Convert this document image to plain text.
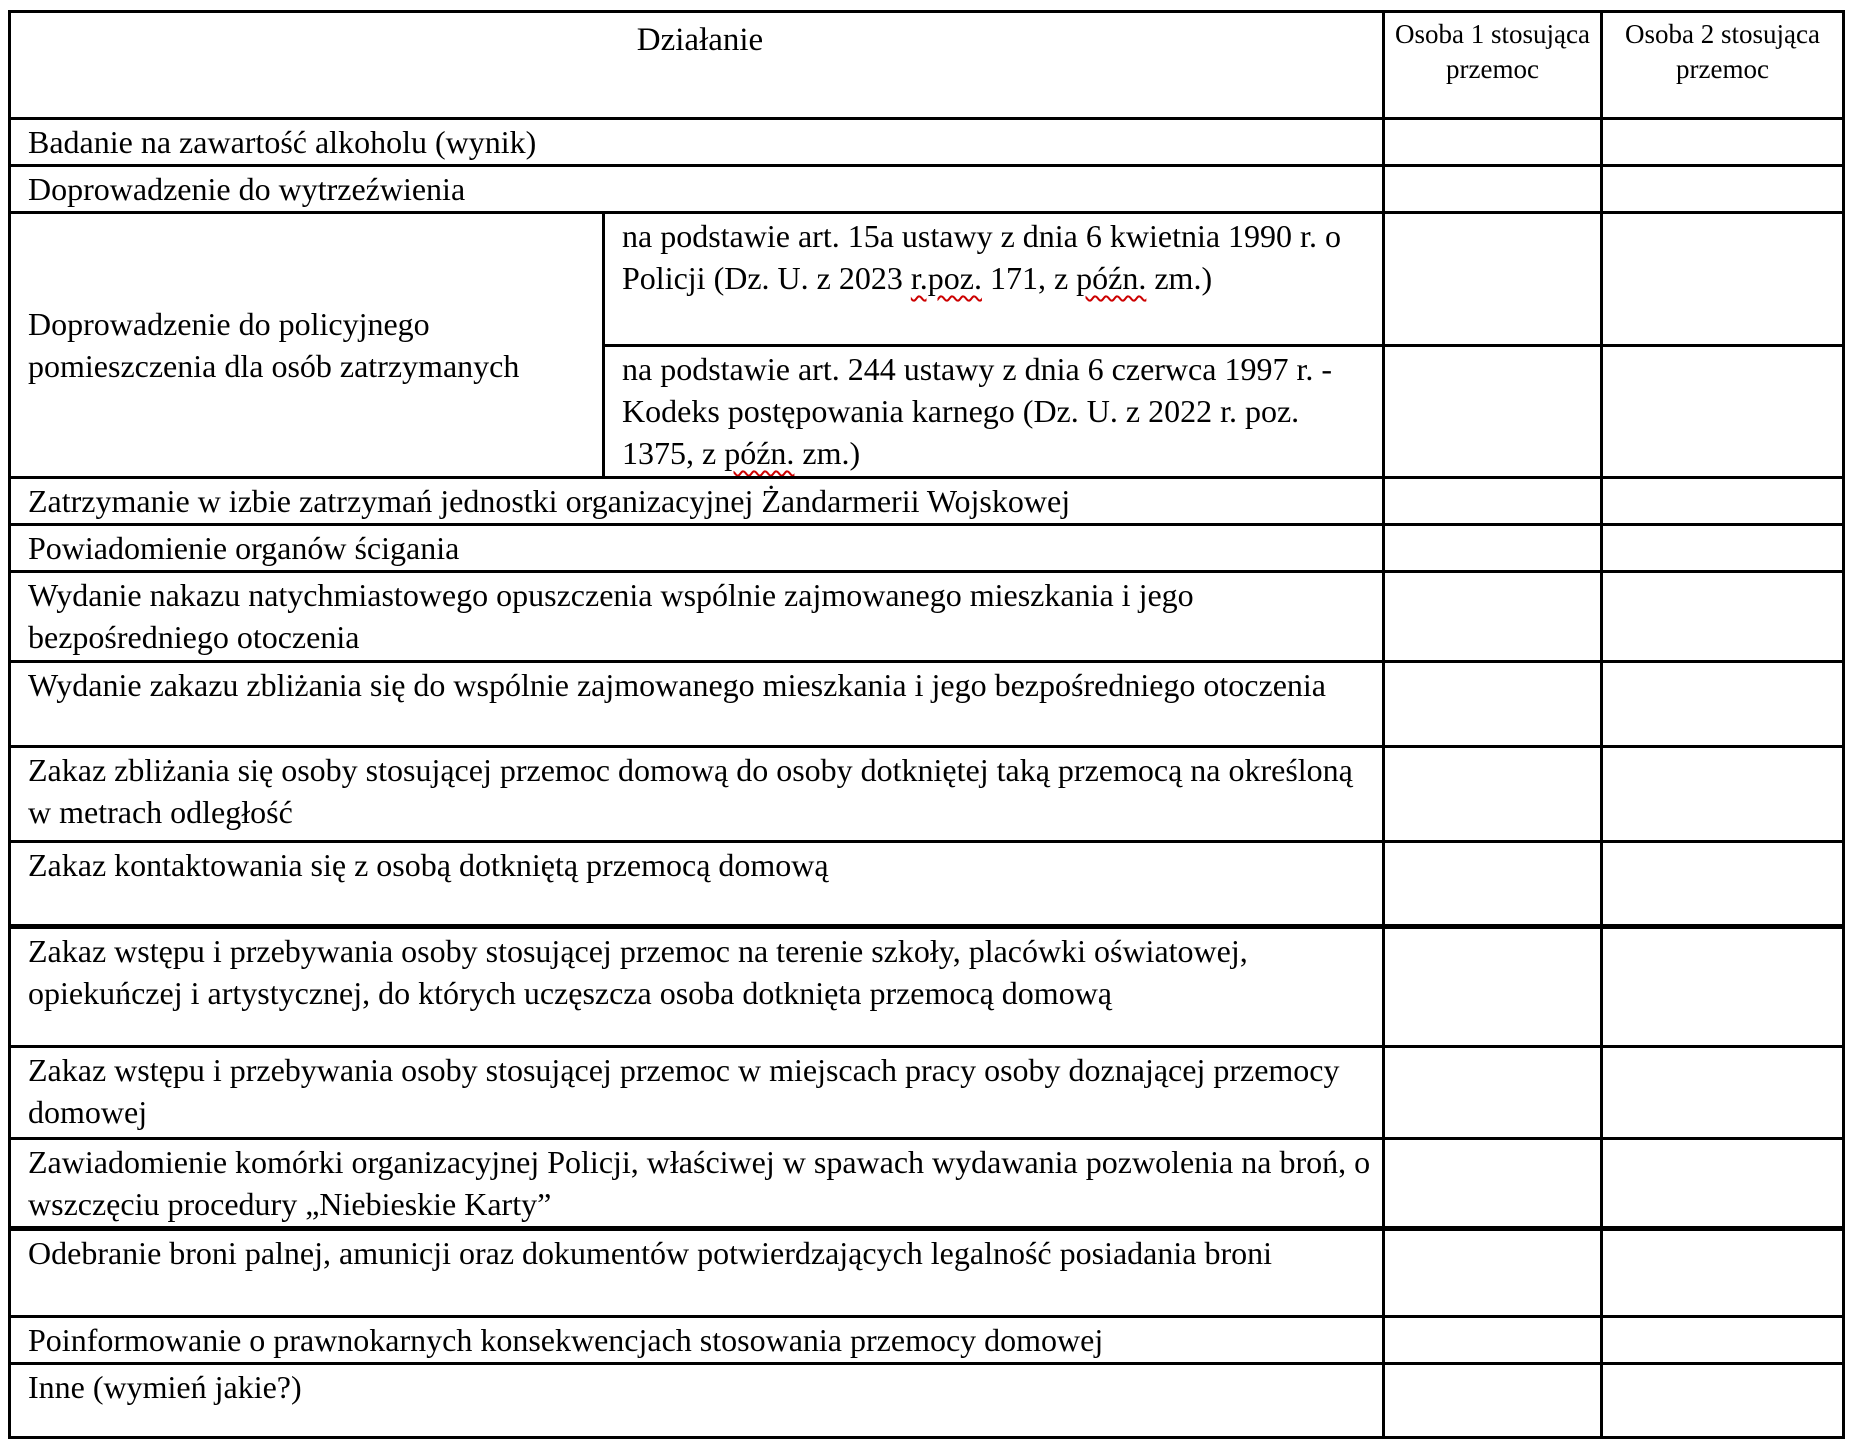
Działanie		Osoba 1 stosująca przemoc	Osoba 2 stosująca przemoc
Badanie na zawartość alkoholu (wynik)			
Doprowadzenie do wytrzeźwienia			
Doprowadzenie do policyjnego pomieszczenia dla osób zatrzymanych	na podstawie art. 15a ustawy z dnia 6 kwietnia 1990 r. o Policji (Dz. U. z 2023 r.poz. 171, z późn. zm.)		
	na podstawie art. 244 ustawy z dnia 6 czerwca 1997 r. - Kodeks postępowania karnego (Dz. U. z 2022 r. poz. 1375, z późn. zm.)		
Zatrzymanie w izbie zatrzymań jednostki organizacyjnej Żandarmerii Wojskowej			
Powiadomienie organów ścigania			
Wydanie nakazu natychmiastowego opuszczenia wspólnie zajmowanego mieszkania i jego bezpośredniego otoczenia			
Wydanie zakazu zbliżania się do wspólnie zajmowanego mieszkania i jego bezpośredniego otoczenia			
Zakaz zbliżania się osoby stosującej przemoc domową do osoby dotkniętej taką przemocą na określoną w metrach odległość			
Zakaz kontaktowania się z osobą dotkniętą przemocą domową			
Zakaz wstępu i przebywania osoby stosującej przemoc na terenie szkoły, placówki oświatowej, opiekuńczej i artystycznej, do których uczęszcza osoba dotknięta przemocą domową			
Zakaz wstępu i przebywania osoby stosującej przemoc w miejscach pracy osoby doznającej przemocy domowej			
Zawiadomienie komórki organizacyjnej Policji, właściwej w spawach wydawania pozwolenia na broń, o wszczęciu procedury „Niebieskie Karty”			
Odebranie broni palnej, amunicji oraz dokumentów potwierdzających legalność posiadania broni			
Poinformowanie o prawnokarnych konsekwencjach stosowania przemocy domowej			
Inne (wymień jakie?)			
